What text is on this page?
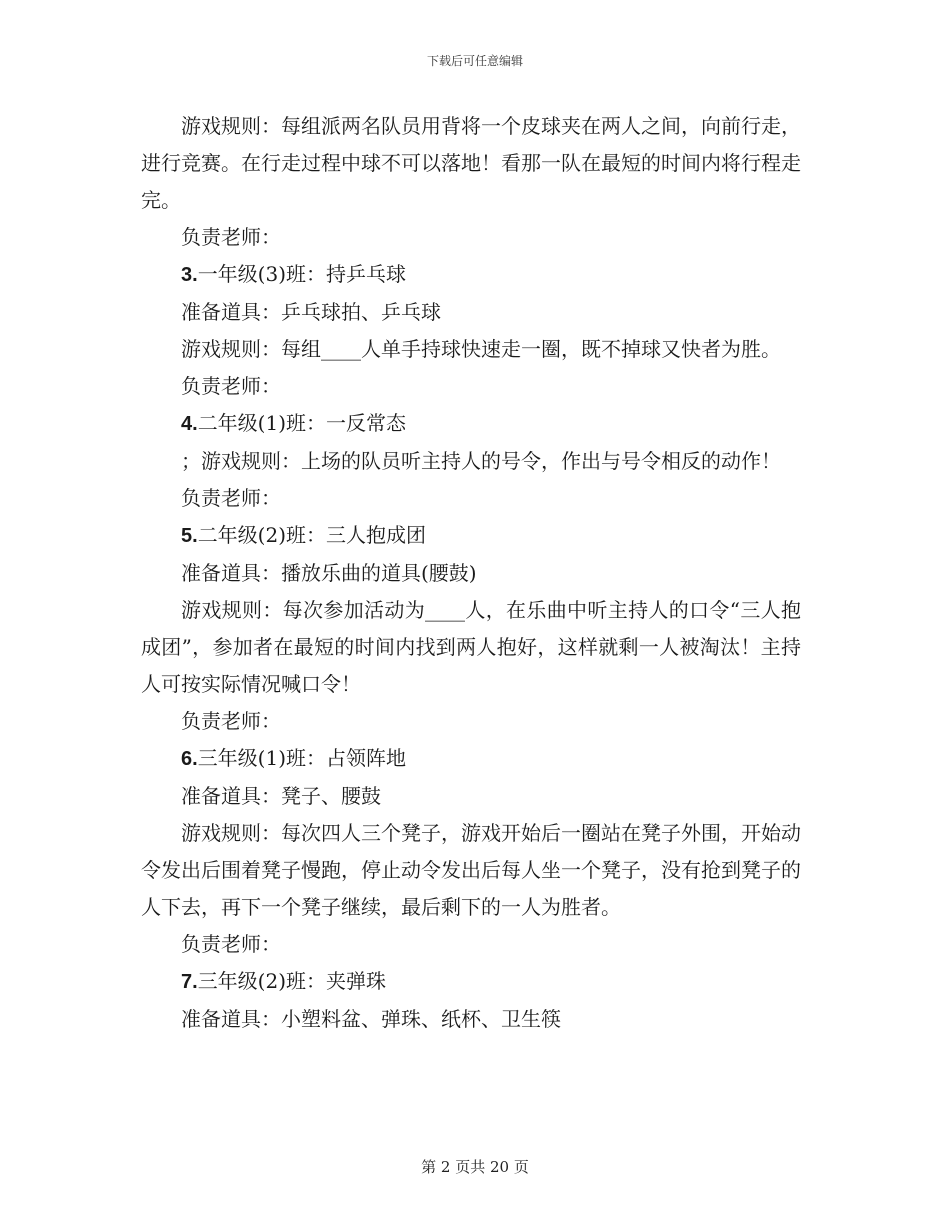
下载后可任意编辑

游戏规则：每组派两名队员用背将一个皮球夹在两人之间，向前行走，进行竞赛。在行走过程中球不可以落地！看那一队在最短的时间内将行程走完。

负责老师：

3.一年级(3)班：持乒乓球

准备道具：乒乓球拍、乒乓球

游戏规则：每组____人单手持球快速走一圈，既不掉球又快者为胜。

负责老师：

4.二年级(1)班：一反常态

；游戏规则：上场的队员听主持人的号令，作出与号令相反的动作！

负责老师：

5.二年级(2)班：三人抱成团

准备道具：播放乐曲的道具(腰鼓)

游戏规则：每次参加活动为____人，在乐曲中听主持人的口令“三人抱成团”，参加者在最短的时间内找到两人抱好，这样就剩一人被淘汰！主持人可按实际情况喊口令！

负责老师：

6.三年级(1)班：占领阵地

准备道具：凳子、腰鼓

游戏规则：每次四人三个凳子，游戏开始后一圈站在凳子外围，开始动令发出后围着凳子慢跑，停止动令发出后每人坐一个凳子，没有抢到凳子的人下去，再下一个凳子继续，最后剩下的一人为胜者。

负责老师：

7.三年级(2)班：夹弹珠

准备道具：小塑料盆、弹珠、纸杯、卫生筷

第 2 页共 20 页
